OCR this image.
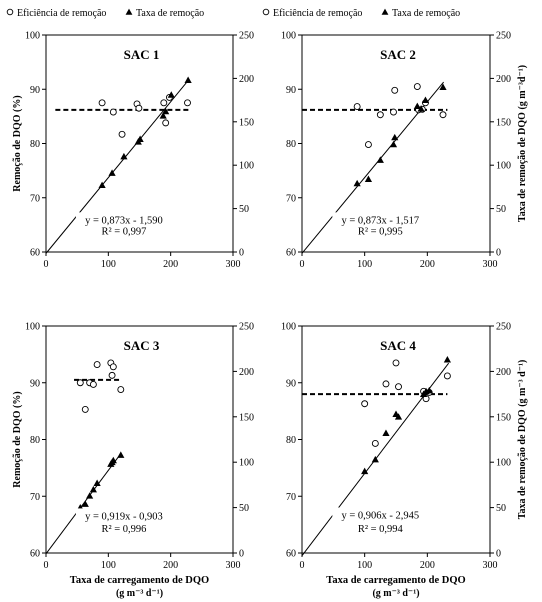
0	100	200	300
60
70
80
90
100
0
50
100
150
200
250
SAC 1
Remoção de DQO (%)
y = 0,873x - 1,590
R² = 0,997
Eficiência de remoção	Taxa de remoção
0	100	200	300
60
70
80
90
100
0
50
100
150
200
250
SAC 2
Taxa de remoção de DQO (g m⁻³d⁻¹)
y = 0,873x - 1,517
R² = 0,995
Eficiência de remoção	Taxa de remoção
0	100	200	300
60
70
80
90
100
0
50
100
150
200
250
SAC 3
Remoção de DQO (%)
Taxa de carregamento de DQO
(g m⁻³ d⁻¹)
y = 0,919x - 0,903
R² = 0,996
0	100	200	300
60
70
80
90
100
0
50
100
150
200
250
SAC 4
Taxa de remoção de DQO (g m⁻³ d⁻¹)
Taxa de carregamento de DQO
(g m⁻³ d⁻¹)
y = 0,906x - 2,945
R² = 0,994
